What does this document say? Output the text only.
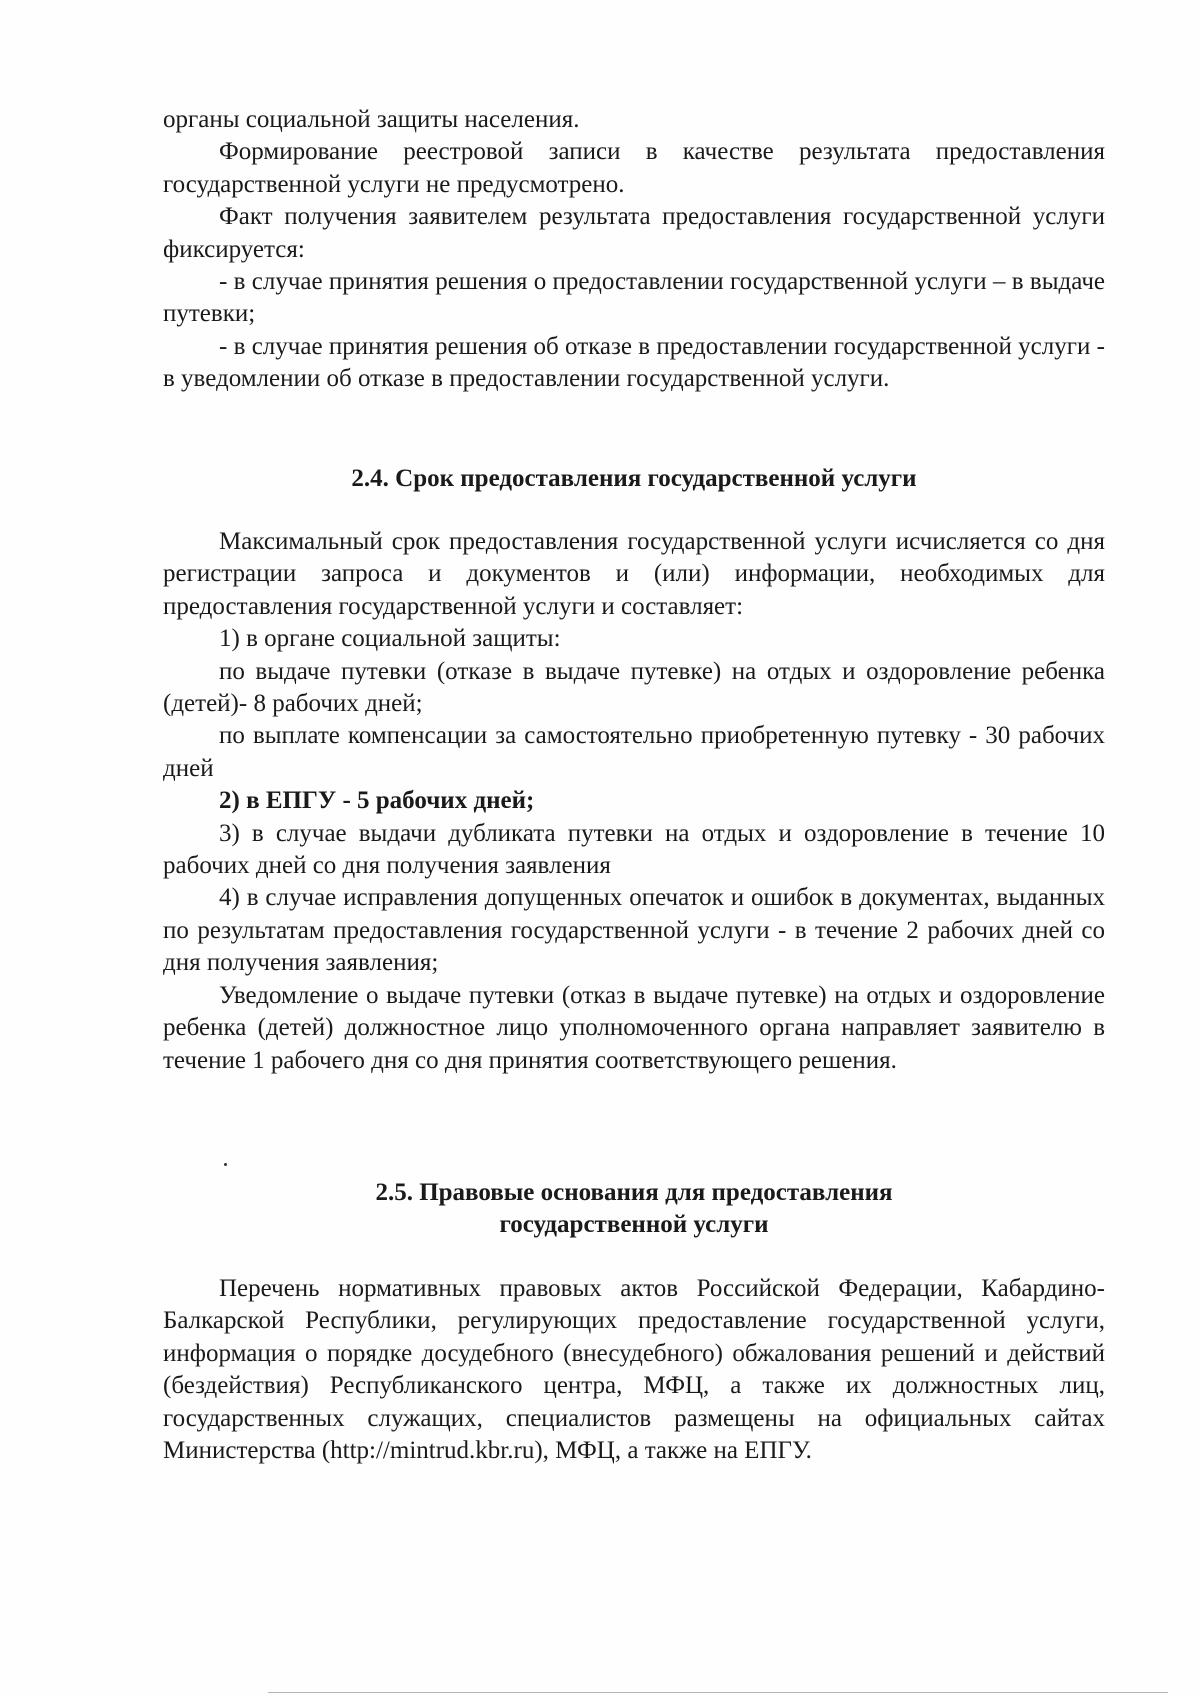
органы социальной защиты населения.

Формирование реестровой записи в качестве результата предоставления государственной услуги не предусмотрено.

Факт получения заявителем результата предоставления государственной услуги фиксируется:

- в случае принятия решения о предоставлении государственной услуги – в выдаче путевки;

- в случае принятия решения об отказе в предоставлении государственной услуги - в уведомлении об отказе в предоставлении государственной услуги.

2.4. Срок предоставления государственной услуги

Максимальный срок предоставления государственной услуги исчисляется со дня регистрации запроса и документов и (или) информации, необходимых для предоставления государственной услуги и составляет:

1) в органе социальной защиты:

по выдаче путевки (отказе в выдаче путевке) на отдых и оздоровление ребенка (детей)- 8 рабочих дней;

по выплате компенсации за самостоятельно приобретенную путевку - 30 рабочих дней

2) в ЕПГУ - 5 рабочих дней;

3) в случае выдачи дубликата путевки на отдых и оздоровление в течение 10 рабочих дней со дня получения заявления

4) в случае исправления допущенных опечаток и ошибок в документах, выданных по результатам предоставления государственной услуги - в течение 2 рабочих дней со дня получения заявления;

Уведомление о выдаче путевки (отказ в выдаче путевке) на отдых и оздоровление ребенка (детей) должностное лицо уполномоченного органа направляет заявителю в течение 1 рабочего дня со дня принятия соответствующего решения.

2.5. Правовые основания для предоставления

государственной услуги

Перечень нормативных правовых актов Российской Федерации, Кабардино-Балкарской Республики, регулирующих предоставление государственной услуги, информация о порядке досудебного (внесудебного) обжалования решений и действий (бездействия) Республиканского центра, МФЦ, а также их должностных лиц, государственных служащих, специалистов размещены на официальных сайтах Министерства (http://mintrud.kbr.ru), МФЦ, а также на ЕПГУ.
